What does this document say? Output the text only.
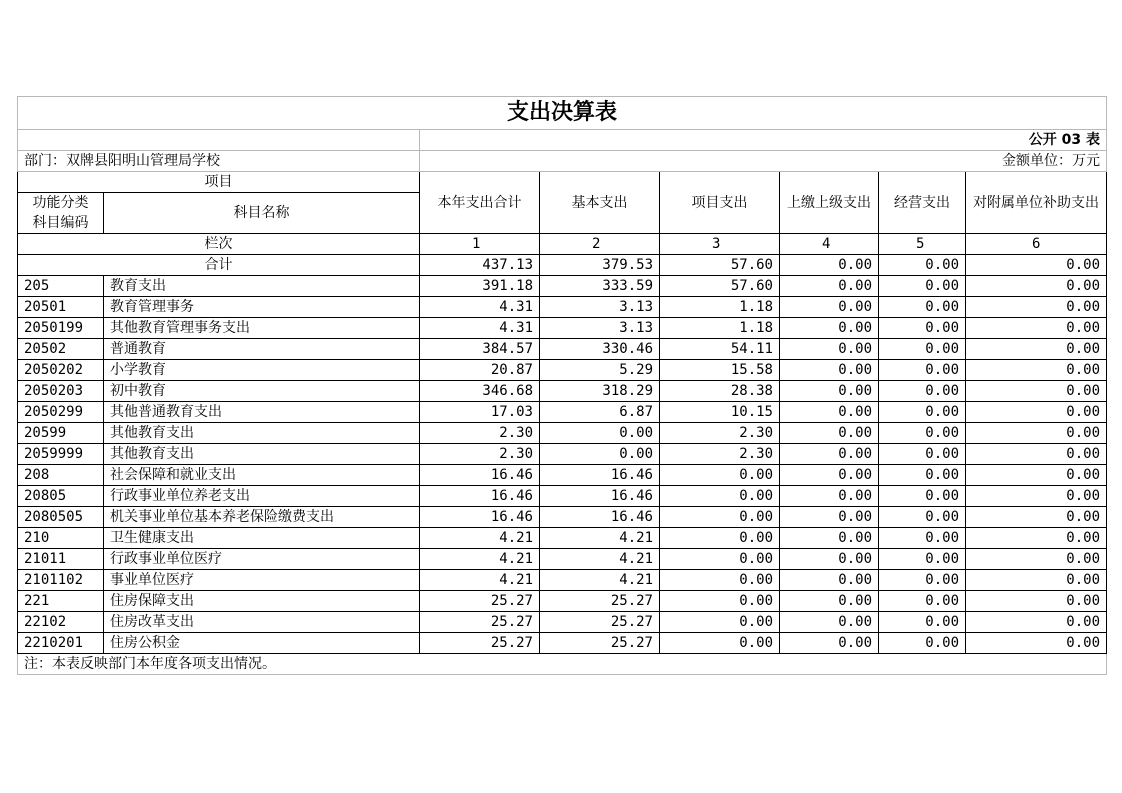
支出决算表							
		公开 03 表					
部门：双牌县阳明山管理局学校		金额单位：万元					
项目		本年支出合计	基本支出	项目支出	上缴上级支出	经营支出	对附属单位补助支出
功能分类
科目编码	科目名称						
栏次		1	2	3	4	5	6
合计		437.13	379.53	57.60	0.00	0.00	0.00
205	教育支出	391.18	333.59	57.60	0.00	0.00	0.00
20501	教育管理事务	4.31	3.13	1.18	0.00	0.00	0.00
2050199	其他教育管理事务支出	4.31	3.13	1.18	0.00	0.00	0.00
20502	普通教育	384.57	330.46	54.11	0.00	0.00	0.00
2050202	小学教育	20.87	5.29	15.58	0.00	0.00	0.00
2050203	初中教育	346.68	318.29	28.38	0.00	0.00	0.00
2050299	其他普通教育支出	17.03	6.87	10.15	0.00	0.00	0.00
20599	其他教育支出	2.30	0.00	2.30	0.00	0.00	0.00
2059999	其他教育支出	2.30	0.00	2.30	0.00	0.00	0.00
208	社会保障和就业支出	16.46	16.46	0.00	0.00	0.00	0.00
20805	行政事业单位养老支出	16.46	16.46	0.00	0.00	0.00	0.00
2080505	机关事业单位基本养老保险缴费支出	16.46	16.46	0.00	0.00	0.00	0.00
210	卫生健康支出	4.21	4.21	0.00	0.00	0.00	0.00
21011	行政事业单位医疗	4.21	4.21	0.00	0.00	0.00	0.00
2101102	事业单位医疗	4.21	4.21	0.00	0.00	0.00	0.00
221	住房保障支出	25.27	25.27	0.00	0.00	0.00	0.00
22102	住房改革支出	25.27	25.27	0.00	0.00	0.00	0.00
2210201	住房公积金	25.27	25.27	0.00	0.00	0.00	0.00
注：本表反映部门本年度各项支出情况。							
